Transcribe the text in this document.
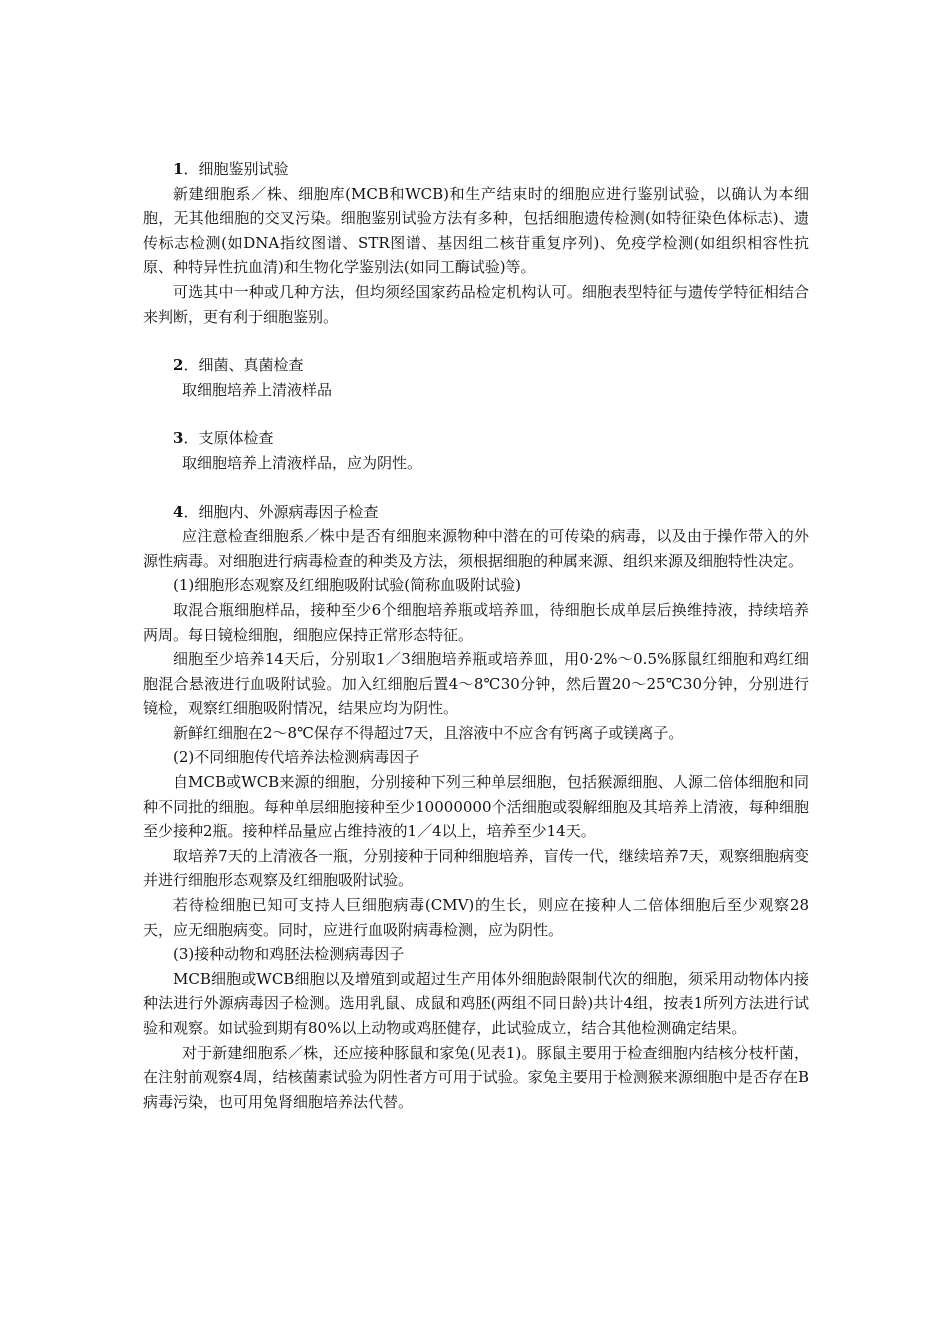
1．细胞鉴别试验

新建细胞系／株、细胞库(MCB和WCB)和生产结束时的细胞应进行鉴别试验，以确认为本细胞，无其他细胞的交叉污染。细胞鉴别试验方法有多种，包括细胞遗传检测(如特征染色体标志)、遗传标志检测(如DNA指纹图谱、STR图谱、基因组二核苷重复序列)、免疫学检测(如组织相容性抗原、种特异性抗血清)和生物化学鉴别法(如同工酶试验)等。

可选其中一种或几种方法，但均须经国家药品检定机构认可。细胞表型特征与遗传学特征相结合来判断，更有利于细胞鉴别。

2．细菌、真菌检查

取细胞培养上清液样品

3．支原体检查

取细胞培养上清液样品，应为阴性。

4．细胞内、外源病毒因子检查

应注意检查细胞系／株中是否有细胞来源物种中潜在的可传染的病毒，以及由于操作带入的外源性病毒。对细胞进行病毒检查的种类及方法，须根据细胞的种属来源、组织来源及细胞特性决定。

(1)细胞形态观察及红细胞吸附试验(简称血吸附试验)

取混合瓶细胞样品，接种至少6个细胞培养瓶或培养皿，待细胞长成单层后换维持液，持续培养两周。每日镜检细胞，细胞应保持正常形态特征。

细胞至少培养14天后，分别取1／3细胞培养瓶或培养皿，用0·2%～0.5%豚鼠红细胞和鸡红细胞混合悬液进行血吸附试验。加入红细胞后置4～8℃30分钟，然后置20～25℃30分钟，分别进行镜检，观察红细胞吸附情况，结果应均为阴性。

新鲜红细胞在2～8℃保存不得超过7天，且溶液中不应含有钙离子或镁离子。

(2)不同细胞传代培养法检测病毒因子

自MCB或WCB来源的细胞，分别接种下列三种单层细胞，包括猴源细胞、人源二倍体细胞和同种不同批的细胞。每种单层细胞接种至少10000000个活细胞或裂解细胞及其培养上清液，每种细胞至少接种2瓶。接种样品量应占维持液的1／4以上，培养至少14天。

取培养7天的上清液各一瓶，分别接种于同种细胞培养，盲传一代，继续培养7天，观察细胞病变并进行细胞形态观察及红细胞吸附试验。

若待检细胞已知可支持人巨细胞病毒(CMV)的生长，则应在接种人二倍体细胞后至少观察28天，应无细胞病变。同时，应进行血吸附病毒检测，应为阴性。

(3)接种动物和鸡胚法检测病毒因子

MCB细胞或WCB细胞以及增殖到或超过生产用体外细胞龄限制代次的细胞，须采用动物体内接种法进行外源病毒因子检测。选用乳鼠、成鼠和鸡胚(两组不同日龄)共计4组，按表1所列方法进行试验和观察。如试验到期有80%以上动物或鸡胚健存，此试验成立，结合其他检测确定结果。

对于新建细胞系／株，还应接种豚鼠和家兔(见表1)。豚鼠主要用于检查细胞内结核分枝杆菌，在注射前观察4周，结核菌素试验为阴性者方可用于试验。家兔主要用于检测猴来源细胞中是否存在B病毒污染，也可用兔肾细胞培养法代替。
